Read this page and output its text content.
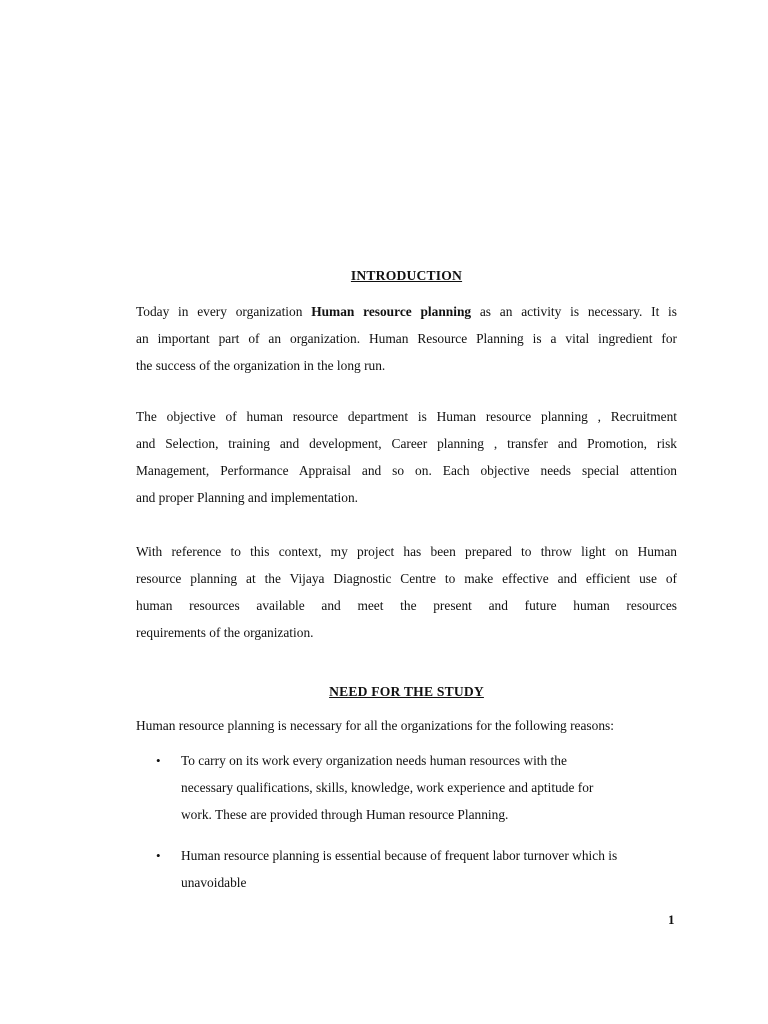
INTRODUCTION
Today in every organization Human resource planning as an activity is necessary. It is
an important part of an organization. Human Resource Planning is a vital ingredient for
the success of the organization in the long run.
The objective of human resource department is Human resource planning , Recruitment
and Selection, training and development, Career planning , transfer and Promotion, risk
Management, Performance Appraisal and so on. Each objective needs special attention
and proper Planning and implementation.
With reference to this context, my project has been prepared to throw light on Human
resource planning at the Vijaya Diagnostic Centre to make effective and efficient use of
human resources available and meet the present and future human resources
requirements of the organization.
NEED FOR THE STUDY
Human resource planning is necessary for all the organizations for the following reasons:
• To carry on its work every organization needs human resources with the
necessary qualifications, skills, knowledge, work experience and aptitude for
work. These are provided through Human resource Planning.
• Human resource planning is essential because of frequent labor turnover which is
unavoidable
1
